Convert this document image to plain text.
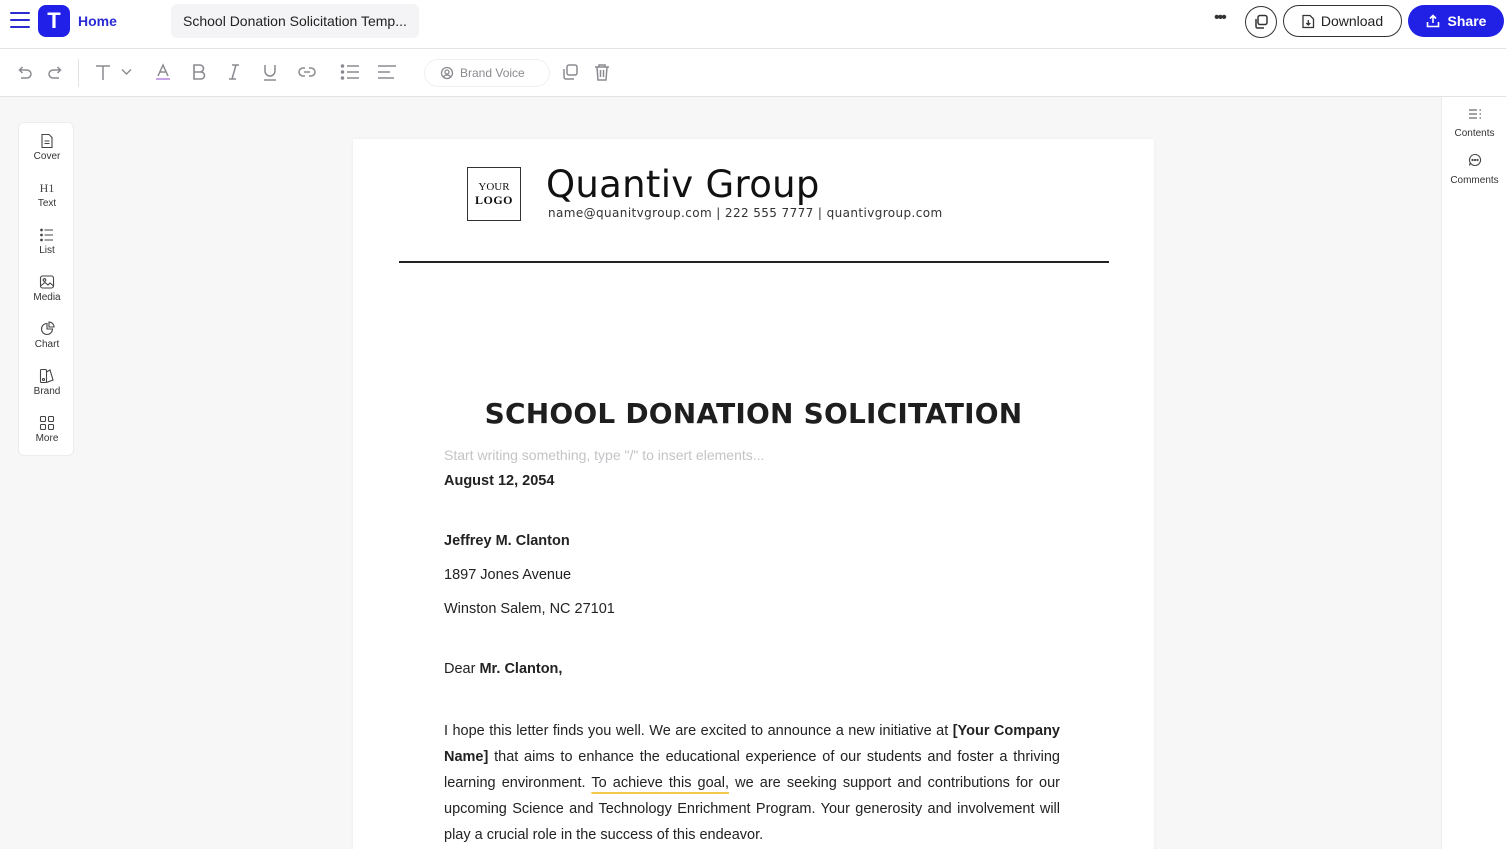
T	Home	School Donation Solicitation Temp...	•••	Download	Share
Brand Voice
Cover
H1
Text
List
Media
Chart
Brand
More
Contents
Comments
YOUR
LOGO Quantiv Group
name@quanitvgroup.com | 222 555 7777 | quantivgroup.com
SCHOOL DONATION SOLICITATION
Start writing something, type "/" to insert elements...
August 12, 2054
Jeffrey M. Clanton
1897 Jones Avenue
Winston Salem, NC 27101
Dear Mr. Clanton,
I hope this letter finds you well. We are excited to announce a new initiative at [Your Company Name] that aims to enhance the educational experience of our students and foster a thriving learning environment. To achieve this goal, we are seeking support and contributions for our upcoming Science and Technology Enrichment Program. Your generosity and involvement will play a crucial role in the success of this endeavor.
